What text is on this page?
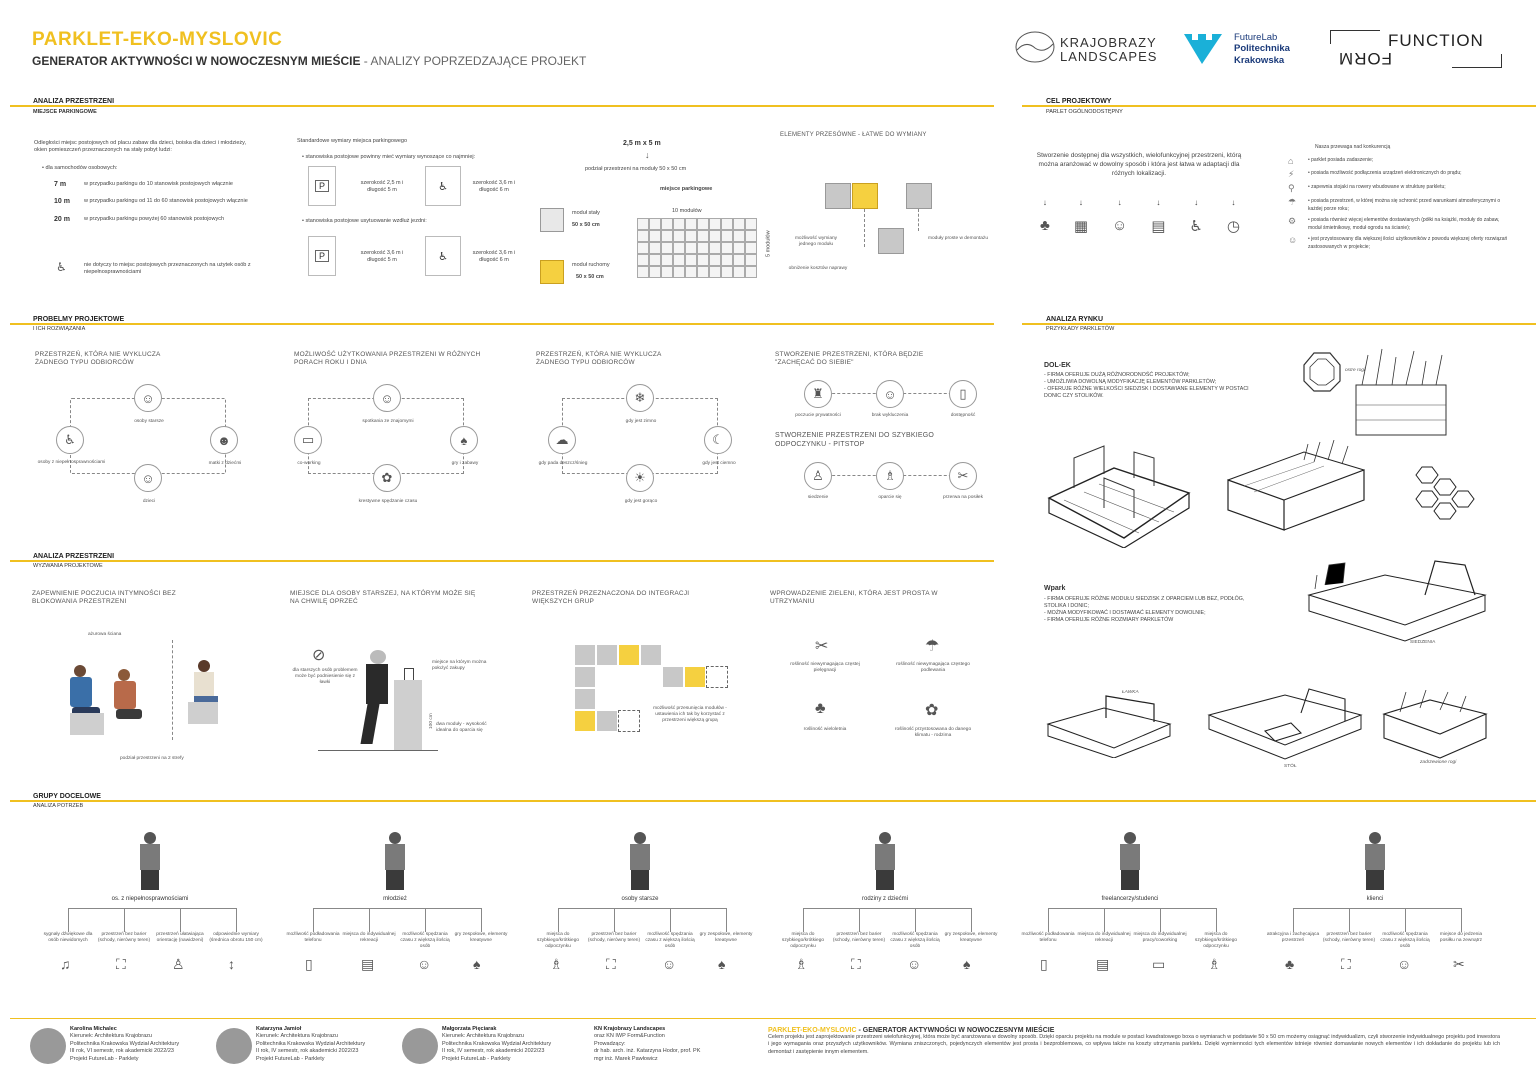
PARKLET-EKO-MYSLOVIC
GENERATOR AKTYWNOŚCI W NOWOCZESNYM MIEŚCIE - ANALIZY POPRZEDZAJĄCE PROJEKT
KRAJOBRAZY
LANDSCAPES
FutureLab
Politechnika
Krakowska
FUNCTION
FORM
ANALIZA PRZESTRZENI
MIEJSCE PARKINGOWE
Odległości miejsc postojowych od placu zabaw dla dzieci, boiska dla dzieci i młodzieży, okien pomieszczeń przeznaczonych na stały pobyt ludzi:
• dla samochodów osobowych:
7 m	w przypadku parkingu do 10 stanowisk postojowych włącznie
10 m	w przypadku parkingu od 11 do 60 stanowisk postojowych włącznie
20 m	w przypadku parkingu powyżej 60 stanowisk postojowych
♿	nie dotyczy to miejsc postojowych przeznaczonych na użytek osób z niepełnosprawnościami
Standardowe wymiary miejsca parkingowego
• stanowiska postojowe powinny mieć wymiary wynoszące co najmniej:
P	szerokość 2,5 m i długość 5 m	♿	szerokość 3,6 m i długość 6 m
• stanowiska postojowe usytuowanie wzdłuż jezdni:
P	szerokość 3,6 m i długość 5 m	♿	szerokość 3,6 m i długość 6 m
2,5 m x 5 m
↓
podział przestrzeni na moduły 50 x 50 cm
miejsce parkingowe
10 modułów
5 modułów
moduł stały
50 x 50 cm
moduł ruchomy
50 x 50 cm
ELEMENTY PRZESÓWNE - ŁATWE DO WYMIANY
możliwość wymiany jednego modułu
moduły proste w demontażu
obniżenie kosztów naprawy
CEL PROJEKTOWY
PARLET OGÓLNODOSTĘPNY
Stworzenie dostępnej dla wszystkich, wielofunkcyjnej przestrzeni, którą można aranżować w dowolny sposób i która jest łatwa w adaptacji dla różnych lokalizacji.
↓
♣
↓
▦
↓
☺
↓
▤
↓
♿
↓
◷
Nasza przewaga nad konkurencją
⌂	• parklet posiada zadaszenie;
⚡	• posiada możliwość podłączenia urządzeń elektronicznych do prądu;
⚲	• zapewnia stojaki na rowery wbudowane w strukturę parkletu;
☂	• posiada przestrzeń, w której można się schronić przed warunkami atmosferycznymi o każdej porze roku;
⚙	• posiada również więcej elementów dostawianych (półki na książki, moduły do zabaw, moduł śmietnikowy, moduł ogrodu na ścianie);
☺	• jest przystosowany dla większej ilości użytkowników z powodu większej oferty rozwiązań zastosowanych w projekcie;
PROBELMY PROJEKTOWE
I ICH ROZWIĄZANIA
PRZESTRZEŃ, KTÓRA NIE WYKLUCZA ŻADNEGO TYPU ODBIORCÓW
☺
osoby starsze
☻
matki z dziećmi
☺
dzieci
♿
osoby z niepełnosprawnościami
MOŻLIWOŚĆ UŻYTKOWANIA PRZESTRZENI W RÓŻNYCH PORACH ROKU I DNIA
☺
spotkania ze znajomymi
♠
gry i zabawy
✿
krestywne spędzanie czasu
▭
co-working
PRZESTRZEŃ, KTÓRA NIE WYKLUCZA ŻADNEGO TYPU ODBIORCÓW
❄
gdy jest zimno
☾
gdy jest ciemno
☀
gdy jest gorąco
☁
gdy pada deszcz/śnieg
STWORZENIE PRZESTRZENI, KTÓRA BĘDZIE "ZACHĘCAĆ DO SIEBIE"
♜
poczucie prywatności
☺
brak wykluczenia
▯
dostępność
STWORZENIE PRZESTRZENI DO SZYBKIEGO ODPOCZYNKU - PITSTOP
♙
siedzenie
♗
oparcie się
✂
przerwa na posiłek
ANALIZA RYNKU
PRZYKŁADY PARKLETÓW
DOL-EK
- FIRMA OFERUJE DUŻĄ RÓŻNORODNOŚĆ PROJEKTÓW;
- UMOŻLIWIA DOWOLNĄ MODYFIKACJĘ ELEMENTÓW PARKLETÓW;
- OFERUJE RÓŻNE WIELKOŚCI SIEDZISK I DOSTAWIANE ELEMENTY W POSTACI DONIC CZY STOLIKÓW.
ostre rogi
Wpark
- FIRMA OFERUJE RÓŻNE MODUŁU SIEDZISK Z OPARCIEM LUB BEZ, PODŁÓG, STOLIKA I DONIC;
- MOŻNA MODYFIKOWAĆ I DOSTAWIAĆ ELEMENTY DOWOLNIE;
- FIRMA OFERUJE RÓŻNE ROZMIARY PARKLETÓW
SIEDZENIA
ŁAWKA
STÓŁ
zadrzewione rogi
ANALIZA PRZESTRZENI
WYZWANIA PROJEKTOWE
ZAPEWNIENIE POCZUCIA INTYMNOŚCI BEZ BLOKOWANIA PRZESTRZENI
ażurowa ściana
podział przestrzeni na 2 strefy
MIEJSCE DLA OSOBY STARSZEJ, NA KTÓRYM MOŻE SIĘ NA CHWILĘ OPRZEĆ
⊘
dla starszych osób problemem może być podniesienie się z ławki
miejsce na którym można położyć zakupy
dwa moduły - wysokość idealna do oparcia się
100 cm
PRZESTRZEŃ PRZEZNACZONA DO INTEGRACJI WIĘKSZYCH GRUP
możliwość przesunięcia modułów - ustawienia ich tak by korzystać z przestrzeni większą grupą
WPROWADZENIE ZIELENI, KTÓRA JEST PROSTA W UTRZYMANIU
✂
rośliność niewymagająca częstej pielęgnacji
☂
rośliność niewymagająca częstego podlewania
♣
rośliność wieloletnia
✿
rośliność przystosowana do danego klimatu - rodzima
GRUPY DOCELOWE
ANALIZA POTRZEB
os. z niepełnosprawnościami
sygnały dźwiękowe dla osób niewidomych
♫
przestrzeń bez barier (schody, nierówny teren)
⛶
przestrzeń ułatwiająca orientację (nawidzeni)
♙
odpowiednie wymiary (średnica obrotu 150 cm)
↕
młodzież
możliwość podładowania telefonu
▯
miejsca do indywidualnej rekreacji
▤
możliwość spędzania czasu z większą ilością osób
☺
gry zespołowe, elementy kreatywne
♠
osoby starsze
miejsca do szybkiego/krótkiego odpoczynku
♗
przestrzeń bez barier (schody, nierówny teren)
⛶
możliwość spędzania czasu z większą ilością osób
☺
gry zespołowe, elementy kreatywne
♠
rodziny z dziećmi
miejsca do szybkiego/krótkiego odpoczynku
♗
przestrzeń bez barier (schody, nierówny teren)
⛶
możliwość spędzania czasu z większą ilością osób
☺
gry zespołowe, elementy kreatywne
♠
freelancerzy/studenci
możliwość podładowania telefonu
▯
miejsca do indywidualnej rekreacji
▤
miejsca do indywidualnej pracy/coworking
▭
miejsca do szybkiego/krótkiego odpoczynku
♗
klienci
atrakcyjna i zachęcająca przestrzeń
♣
przestrzeń bez barier (schody, nierówny teren)
⛶
możliwość spędzania czasu z większą ilością osób
☺
miejsce do jedzenia posiłku na zewnątrz
✂
Karolina Michalec
Kierunek: Architektura Krajobrazu
Politechnika Krakowska Wydział Architektury
III rok, VI semestr, rok akademicki 2022/23
Projekt FutureLab - Parklety
Katarzyna Jamioł
Kierunek: Architektura Krajobrazu
Politechnika Krakowska Wydział Architektury
II rok, IV semestr, rok akademicki 2022/23
Projekt FutureLab - Parklety
Małgorzata Pięciarak
Kierunek: Architektura Krajobrazu
Politechnika Krakowska Wydział Architektury
II rok, IV semestr, rok akademicki 2022/23
Projekt FutureLab - Parklety
KN Krajobrazy Landscapes
oraz KN IWP Form&Function
Prowadzący:
dr hab. arch. inż. Katarzyna Hodor, prof. PK
mgr inż. Marek Pawłowicz
PARKLET-EKO-MYSLOVIC - GENERATOR AKTYWNOŚCI W NOWOCZESNYM MIEŚCIE
Celem projektu jest zaprojektowanie przestrzeni wielofunkcyjnej, która może być aranżowana w dowolny sposób. Dzięki oparciu projektu na module w postaci kwadratowego boxa o wymiarach w podstawie 50 x 50 cm możemy osiągnąć indywidualizm, czyli stworzenie indywidualnego projektu pod inwestora i jego wymagania oraz przyszłych użytkowników. Wymiana zniszczonych, pojedynczych elementów jest prosta i bezproblemowa, co wpływa także na koszty utrzymania parkletu. Dzięki wymienności tych elementów istnieje również domawianie nowych elementów i ich dokładanie do projektu lub ich demontaż i zastępienie innym elementem.
